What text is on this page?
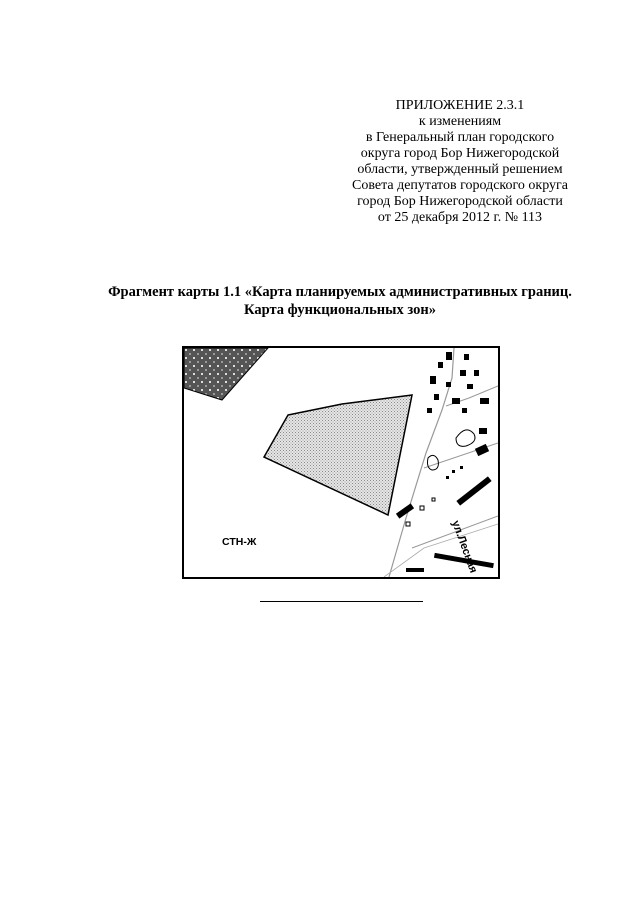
ПРИЛОЖЕНИЕ 2.3.1
к изменениям
в Генеральный план городского
округа город Бор Нижегородской
области, утвержденный решением
Совета депутатов городского округа
город Бор Нижегородской области
от 25 декабря 2012 г. № 113
Фрагмент карты 1.1 «Карта планируемых административных границ.
Карта функциональных зон»
СТН-Ж	ул.Лесная
